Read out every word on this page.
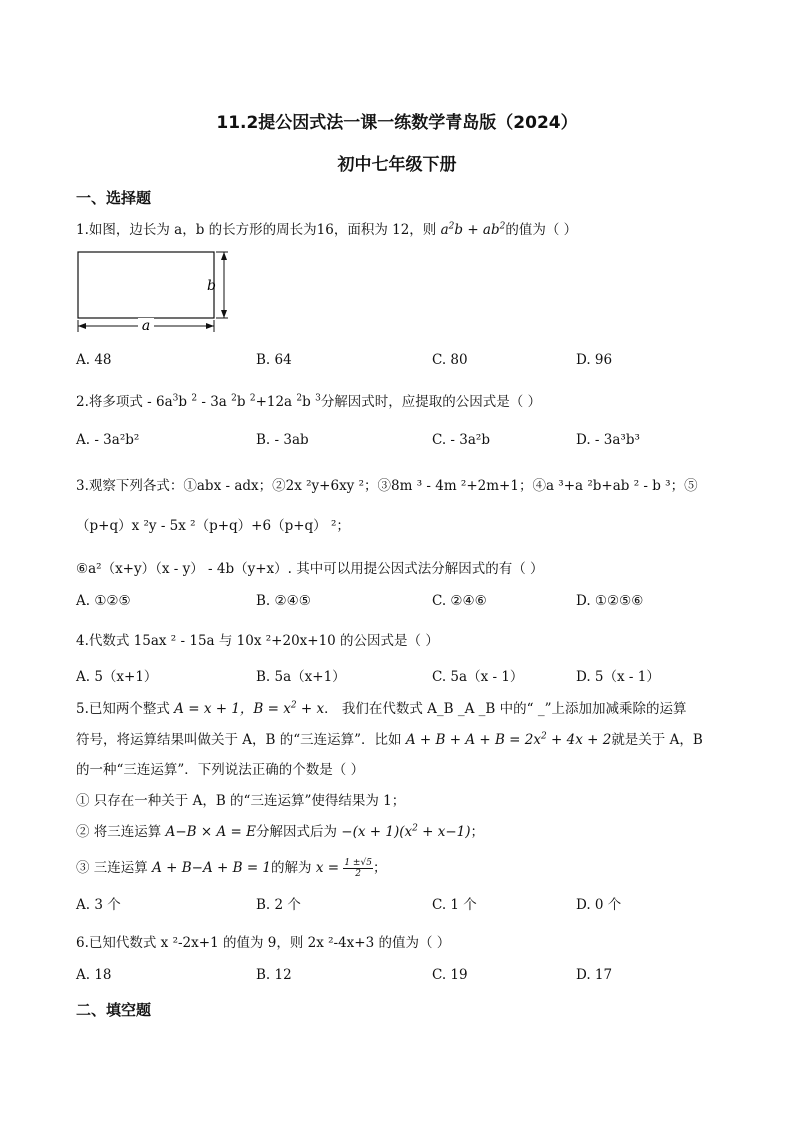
11.2提公因式法一课一练数学青岛版（2024）
初中七年级下册
一、选择题
1.如图，边长为 a，b 的长方形的周长为16，面积为 12，则 $a^2b + ab^2$的值为（ ）
a
b
A. 48	B. 64	C. 80	D. 96
2.将多项式 - $6a^3b$ $^2$ - 3a $^2$b $^2$+12a $^2$b $^3$分解因式时，应提取的公因式是（ ）
A. - 3a²b²	B. - 3ab	C. - 3a²b	D. - 3a³b³
3.观察下列各式：①abx - adx；②2x ²y+6xy ²；③8m ³ - 4m ²+2m+1；④a ³+a ²b+ab ² - b ³；⑤
（p+q）x ²y - 5x ²（p+q）+6（p+q） ²；
⑥a²（x+y）（x - y） - 4b（y+x）. 其中可以用提公因式法分解因式的有（ ）
A. ①②⑤	B. ②④⑤	C. ②④⑥	D. ①②⑤⑥
4.代数式 15ax ² - 15a 与 10x ²+20x+10 的公因式是（ ）
A. 5（x+1）	B. 5a（x+1）	C. 5a（x - 1）	D. 5（x - 1）
5.已知两个整式 A = x + 1，$B = x^2 + x$． 我们在代数式 A_B _A _B 中的“ _”上添加加减乘除的运算
符号，将运算结果叫做关于 A，B 的“三连运算”．比如 $A + B + A + B = 2x^2 + 4x + 2$就是关于 A，B
的一种“三连运算”．下列说法正确的个数是（ ）
① 只存在一种关于 A，B 的“三连运算”使得结果为 1；
② 将三连运算 A−B × A = E分解因式后为 $-(x + 1)(x^2 + x-1)$；
③ 三连运算 A + B−A + B = 1的解为 $x = \frac{1 \pm√5}{2}$ ；
A. 3 个	B. 2 个	C. 1 个	D. 0 个
6.已知代数式 x ²-2x+1 的值为 9，则 2x ²-4x+3 的值为（ ）
A. 18	B. 12	C. 19	D. 17
二、填空题
